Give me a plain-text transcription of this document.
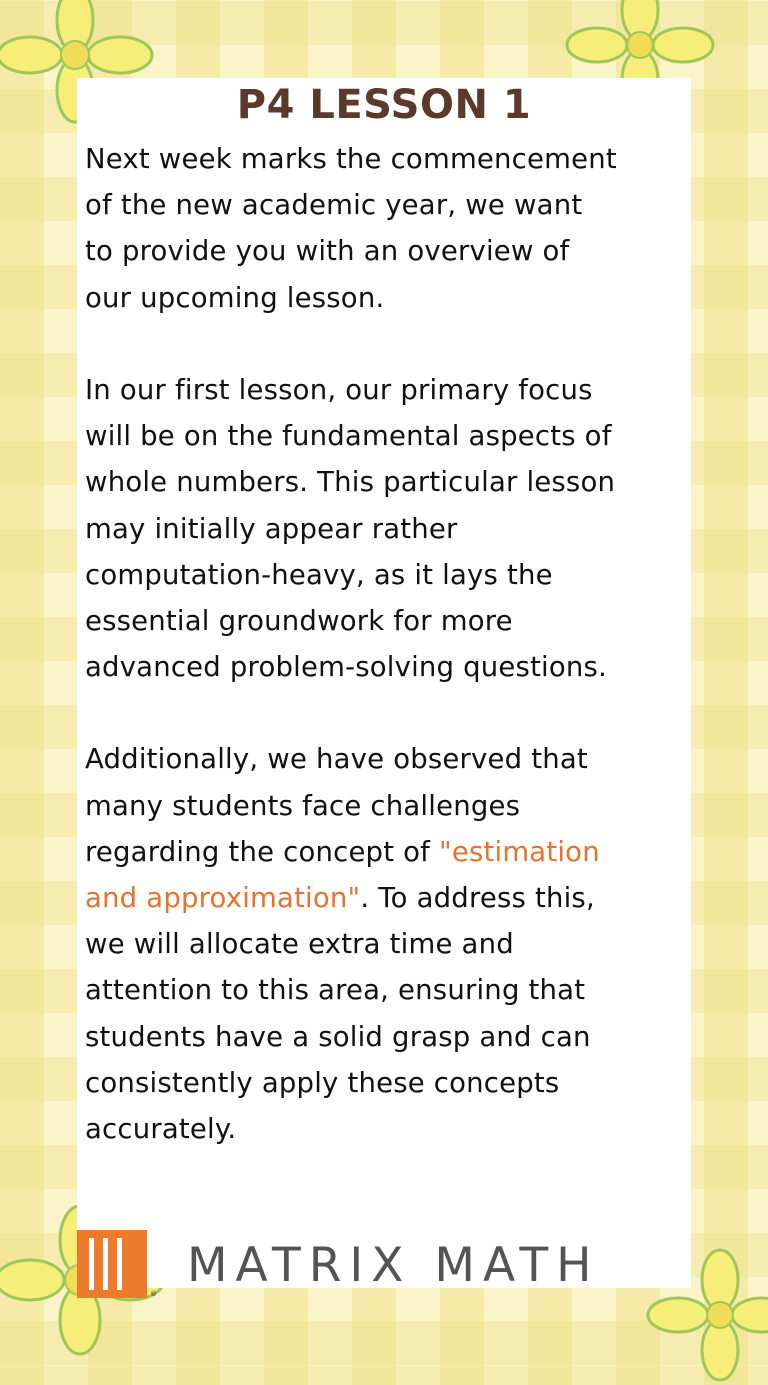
P4 LESSON 1

Next week marks the commencement
of the new academic year, we want
to provide you with an overview of
our upcoming lesson.

In our first lesson, our primary focus
will be on the fundamental aspects of
whole numbers. This particular lesson
may initially appear rather
computation-heavy, as it lays the
essential groundwork for more
advanced problem-solving questions.

Additionally, we have observed that
many students face challenges
regarding the concept of "estimation
and approximation". To address this,
we will allocate extra time and
attention to this area, ensuring that
students have a solid grasp and can
consistently apply these concepts
accurately.

®
MATRIX MATH
